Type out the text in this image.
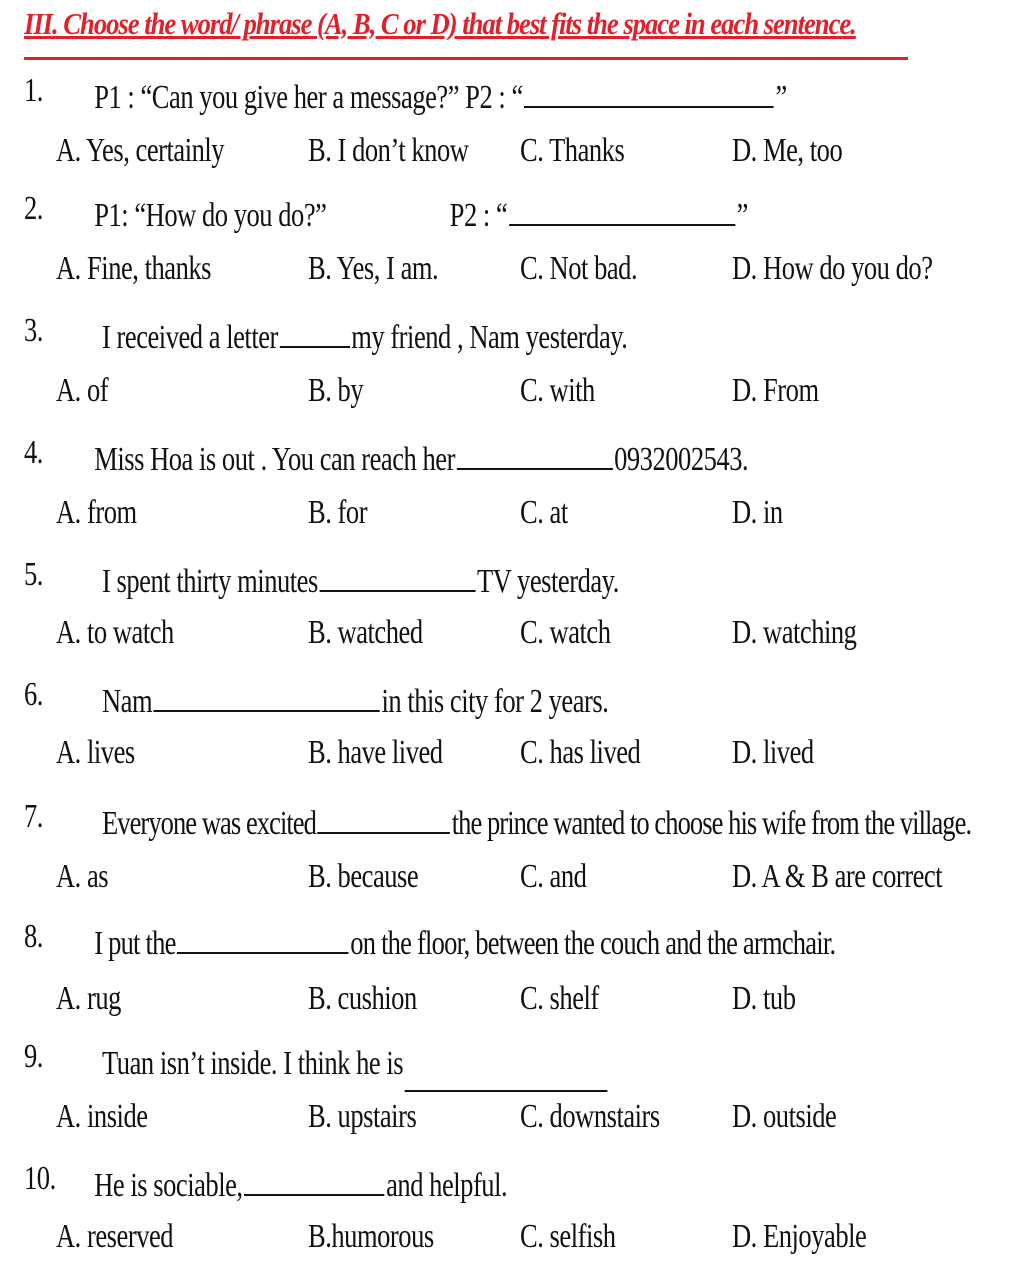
III. Choose the word/ phrase (A, B, C or D) that best fits the space in each sentence.
1. P1 : “Can you give her a message?” P2 : “	”
A. Yes, certainly B. I don’t know C. Thanks	D. Me, too
2. P1: “How do you do?”                    P2 : “	”
A. Fine, thanks	B. Yes, I am. C. Not bad.	D. How do you do?
3. I received a letter my friend , Nam yesterday.
A. of	B. by	C. with	D. From
4. Miss Hoa is out . You can reach her	0932002543.
A. from	B. for	C. at	D. in
5. I spent thirty minutes	TV yesterday.
A. to watch	B. watched	C. watch	D. watching
6. Nam	in this city for 2 years.
A. lives	B. have lived C. has lived	D. lived
7. Everyone was excited	the prince wanted to choose his wife from the village.
A. as	B. because	C. and	D. A & B are correct
8. I put the	on the floor, between the couch and the armchair.
A. rug	B. cushion	C. shelf	D. tub
9. Tuan isn’t inside. I think he is
A. inside	B. upstairs	C. downstairs D. outside
10. He is sociable,	and helpful.
A. reserved	B.humorous	C. selfish	D. Enjoyable
